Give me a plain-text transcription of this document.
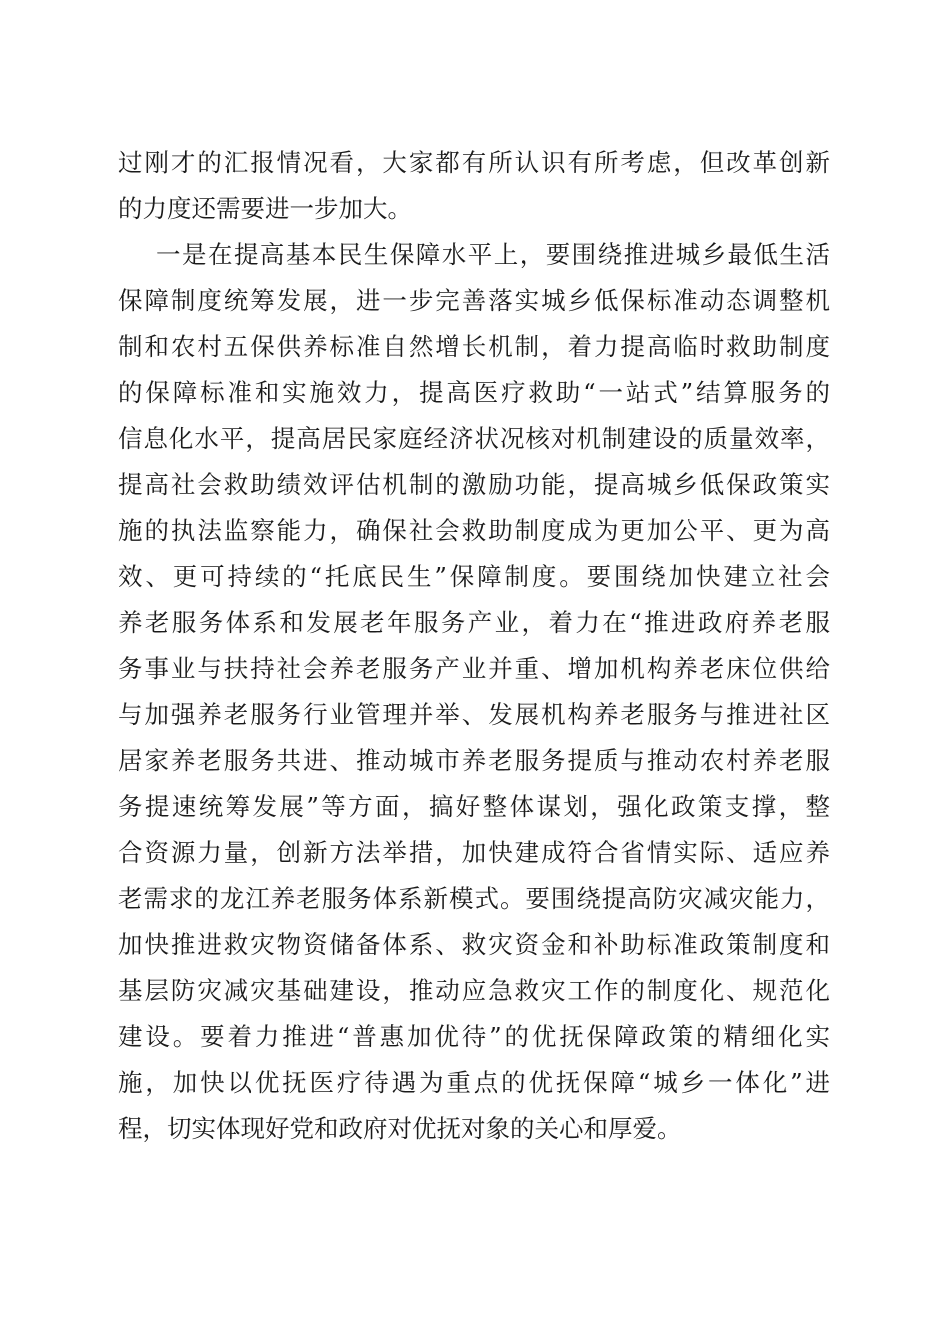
过刚才的汇报情况看，大家都有所认识有所考虑，但改革创新
的力度还需要进一步加大。
一是在提高基本民生保障水平上，要围绕推进城乡最低生活
保障制度统筹发展，进一步完善落实城乡低保标准动态调整机
制和农村五保供养标准自然增长机制，着力提高临时救助制度
的保障标准和实施效力，提高医疗救助“一站式”结算服务的
信息化水平，提高居民家庭经济状况核对机制建设的质量效率，
提高社会救助绩效评估机制的激励功能，提高城乡低保政策实
施的执法监察能力，确保社会救助制度成为更加公平、更为高
效、更可持续的“托底民生”保障制度。要围绕加快建立社会
养老服务体系和发展老年服务产业，着力在“推进政府养老服
务事业与扶持社会养老服务产业并重、增加机构养老床位供给
与加强养老服务行业管理并举、发展机构养老服务与推进社区
居家养老服务共进、推动城市养老服务提质与推动农村养老服
务提速统筹发展”等方面，搞好整体谋划，强化政策支撑，整
合资源力量，创新方法举措，加快建成符合省情实际、适应养
老需求的龙江养老服务体系新模式。要围绕提高防灾减灾能力，
加快推进救灾物资储备体系、救灾资金和补助标准政策制度和
基层防灾减灾基础建设，推动应急救灾工作的制度化、规范化
建设。要着力推进“普惠加优待”的优抚保障政策的精细化实
施，加快以优抚医疗待遇为重点的优抚保障“城乡一体化”进
程，切实体现好党和政府对优抚对象的关心和厚爱。
